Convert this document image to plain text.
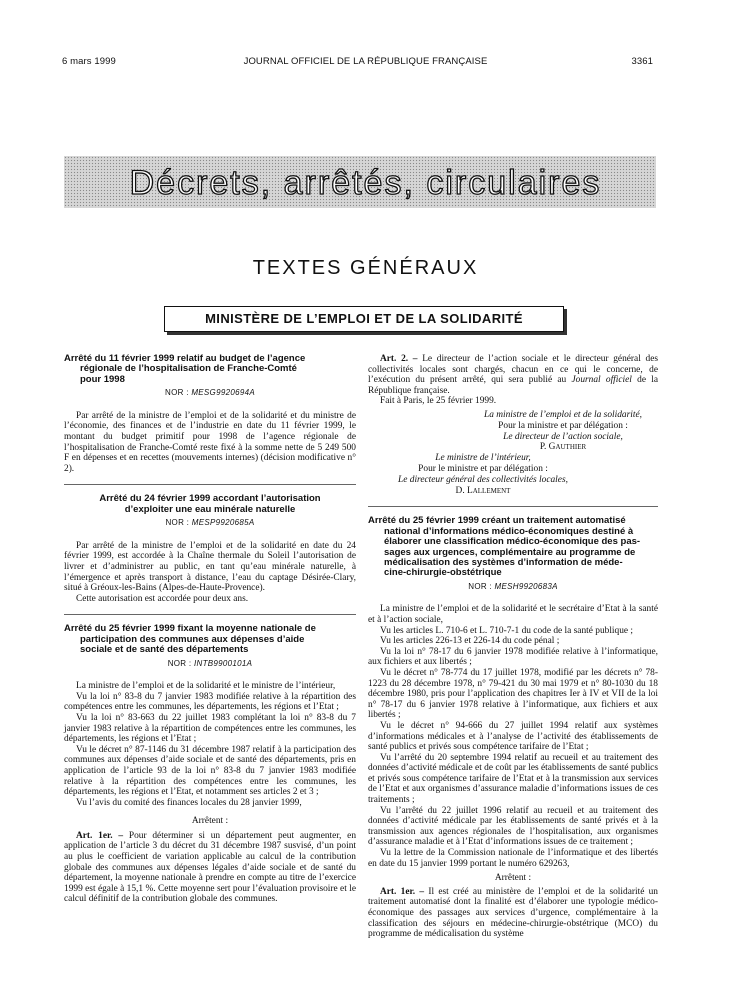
6 mars 1999	JOURNAL OFFICIEL DE LA RÉPUBLIQUE FRANÇAISE	3361
Décrets, arrêtés, circulaires
TEXTES GÉNÉRAUX
MINISTÈRE DE L’EMPLOI ET DE LA SOLIDARITÉ
Arrêté du 11 février 1999 relatif au budget de l’agence
régionale de l’hospitalisation de Franche-Comté
pour 1998
NOR : MESG9920694A

Par arrêté de la ministre de l’emploi et de la solidarité et du ministre de l’économie, des finances et de l’industrie en date du 11 février 1999, le montant du budget primitif pour 1998 de l’agence régionale de l’hospitalisation de Franche-Comté reste fixé à la somme nette de 5 249 500 F en dépenses et en recettes (mouvements internes) (décision modificative n° 2).

Arrêté du 24 février 1999 accordant l’autorisation
d’exploiter une eau minérale naturelle
NOR : MESP9920685A

Par arrêté de la ministre de l’emploi et de la solidarité en date du 24 février 1999, est accordée à la Chaîne thermale du Soleil l’autorisation de livrer et d’administrer au public, en tant qu’eau minérale naturelle, à l’émergence et après transport à distance, l’eau du captage Désirée-Clary, situé à Gréoux-les-Bains (Alpes-de-Haute-Provence).

Cette autorisation est accordée pour deux ans.

Arrêté du 25 février 1999 fixant la moyenne nationale de
participation des communes aux dépenses d’aide
sociale et de santé des départements
NOR : INTB9900101A

La ministre de l’emploi et de la solidarité et le ministre de l’intérieur,

Vu la loi n° 83-8 du 7 janvier 1983 modifiée relative à la répartition des compétences entre les communes, les départements, les régions et l’Etat ;

Vu la loi n° 83-663 du 22 juillet 1983 complétant la loi n° 83-8 du 7 janvier 1983 relative à la répartition de compétences entre les communes, les départements, les régions et l’Etat ;

Vu le décret n° 87-1146 du 31 décembre 1987 relatif à la participation des communes aux dépenses d’aide sociale et de santé des départements, pris en application de l’article 93 de la loi n° 83-8 du 7 janvier 1983 modifiée relative à la répartition des compétences entre les communes, les départements, les régions et l’Etat, et notamment ses articles 2 et 3 ;

Vu l’avis du comité des finances locales du 28 janvier 1999,

Arrêtent :

Art. 1er. – Pour déterminer si un département peut augmenter, en application de l’article 3 du décret du 31 décembre 1987 susvisé, d’un point au plus le coefficient de variation applicable au calcul de la contribution globale des communes aux dépenses légales d’aide sociale et de santé du département, la moyenne nationale à prendre en compte au titre de l’exercice 1999 est égale à 15,1 %. Cette moyenne sert pour l’évaluation provisoire et le calcul définitif de la contribution globale des communes.

Art. 2. – Le directeur de l’action sociale et le directeur général des collectivités locales sont chargés, chacun en ce qui le concerne, de l’exécution du présent arrêté, qui sera publié au Journal officiel de la République française.

Fait à Paris, le 25 février 1999.

La ministre de l’emploi et de la solidarité,
Pour la ministre et par délégation :
Le directeur de l’action sociale,
P. Gauthier
Le ministre de l’intérieur,
Pour le ministre et par délégation :
Le directeur général des collectivités locales,
D. Lallement
Arrêté du 25 février 1999 créant un traitement automatisé
national d’informations médico-économiques destiné à
élaborer une classification médico-économique des pas-
sages aux urgences, complémentaire au programme de
médicalisation des systèmes d’information de méde-
cine-chirurgie-obstétrique
NOR : MESH9920683A

La ministre de l’emploi et de la solidarité et le secrétaire d’Etat à la santé et à l’action sociale,

Vu les articles L. 710-6 et L. 710-7-1 du code de la santé publique ;

Vu les articles 226-13 et 226-14 du code pénal ;

Vu la loi n° 78-17 du 6 janvier 1978 modifiée relative à l’informatique, aux fichiers et aux libertés ;

Vu le décret n° 78-774 du 17 juillet 1978, modifié par les décrets n° 78-1223 du 28 décembre 1978, n° 79-421 du 30 mai 1979 et n° 80-1030 du 18 décembre 1980, pris pour l’application des chapitres Ier à IV et VII de la loi n° 78-17 du 6 janvier 1978 relative à l’informatique, aux fichiers et aux libertés ;

Vu le décret n° 94-666 du 27 juillet 1994 relatif aux systèmes d’informations médicales et à l’analyse de l’activité des établissements de santé publics et privés sous compétence tarifaire de l’Etat ;

Vu l’arrêté du 20 septembre 1994 relatif au recueil et au traitement des données d’activité médicale et de coût par les établissements de santé publics et privés sous compétence tarifaire de l’Etat et à la transmission aux services de l’Etat et aux organismes d’assurance maladie d’informations issues de ces traitements ;

Vu l’arrêté du 22 juillet 1996 relatif au recueil et au traitement des données d’activité médicale par les établissements de santé privés et à la transmission aux agences régionales de l’hospitalisation, aux organismes d’assurance maladie et à l’Etat d’informations issues de ce traitement ;

Vu la lettre de la Commission nationale de l’informatique et des libertés en date du 15 janvier 1999 portant le numéro 629263,

Arrêtent :

Art. 1er. – Il est créé au ministère de l’emploi et de la solidarité un traitement automatisé dont la finalité est d’élaborer une typologie médico-économique des passages aux services d’urgence, complémentaire à la classification des séjours en médecine-chirurgie-obstétrique (MCO) du programme de médicalisation du système
